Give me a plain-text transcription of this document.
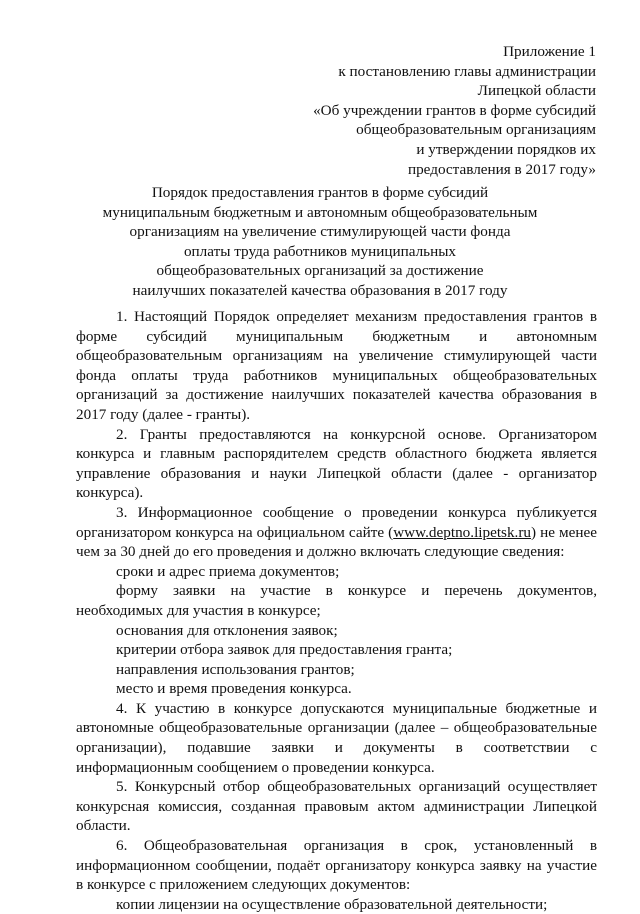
Приложение 1
к постановлению главы администрации
Липецкой области
«Об учреждении грантов в форме субсидий
общеобразовательным организациям
и утверждении порядков их
предоставления в 2017 году»
Порядок предоставления грантов в форме субсидий
муниципальным бюджетным и автономным общеобразовательным
организациям на увеличение стимулирующей части фонда
оплаты труда работников муниципальных
общеобразовательных организаций за достижение
наилучших показателей качества образования в 2017 году

1. Настоящий Порядок определяет механизм предоставления грантов в форме субсидий муниципальным бюджетным и автономным общеобразовательным организациям на увеличение стимулирующей части фонда оплаты труда работников муниципальных общеобразовательных организаций за достижение наилучших показателей качества образования в 2017 году (далее - гранты).

2. Гранты предоставляются на конкурсной основе. Организатором конкурса и главным распорядителем средств областного бюджета является управление образования и науки Липецкой области (далее - организатор конкурса).

3. Информационное сообщение о проведении конкурса публикуется организатором конкурса на официальном сайте (www.deptno.lipetsk.ru) не менее чем за 30 дней до его проведения и должно включать следующие сведения:

сроки и адрес приема документов;

форму заявки на участие в конкурсе и перечень документов, необходимых для участия в конкурсе;

основания для отклонения заявок;

критерии отбора заявок для предоставления гранта;

направления использования грантов;

место и время проведения конкурса.

4. К участию в конкурсе допускаются муниципальные бюджетные и автономные общеобразовательные организации (далее – общеобразовательные организации), подавшие заявки и документы в соответствии с информационным сообщением о проведении конкурса.

5. Конкурсный отбор общеобразовательных организаций осуществляет конкурсная комиссия, созданная правовым актом администрации Липецкой области.

6. Общеобразовательная организация в срок, установленный в информационном сообщении, подаёт организатору конкурса заявку на участие в конкурсе с приложением следующих документов:

копии лицензии на осуществление образовательной деятельности;
